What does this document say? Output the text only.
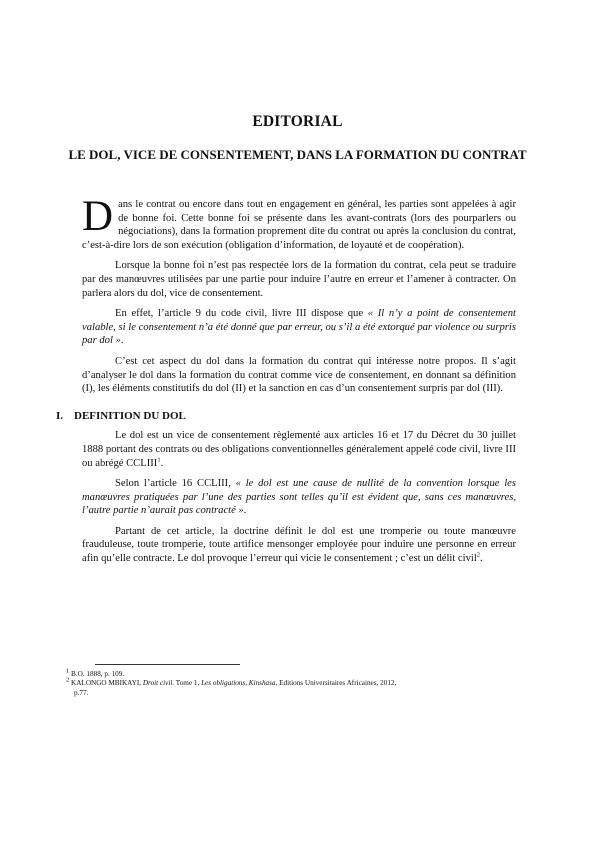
EDITORIAL
LE DOL, VICE DE CONSENTEMENT, DANS LA FORMATION DU CONTRAT

Dans le contrat ou encore dans tout en engagement en général, les parties sont appelées à agir de bonne foi. Cette bonne foi se présente dans les avant-contrats (lors des pourparlers ou négociations), dans la formation proprement dite du contrat ou après la conclusion du contrat, c’est-à-dire lors de son exécution (obligation d’information, de loyauté et de coopération).

Lorsque la bonne foi n’est pas respectée lors de la formation du contrat, cela peut se traduire par des manœuvres utilisées par une partie pour induire l’autre en erreur et l’amener à contracter. On parlera alors du dol, vice de consentement.

En effet, l’article 9 du code civil, livre III dispose que « Il n’y a point de consentement valable, si le consentement n’a été donné que par erreur, ou s’il a été extorqué par violence ou surpris par dol ».

C’est cet aspect du dol dans la formation du contrat qui intéresse notre propos. Il s’agit d’analyser le dol dans la formation du contrat comme vice de consentement, en donnant sa définition (I), les éléments constitutifs du dol (II) et la sanction en cas d’un consentement surpris par dol (III).

I. DEFINITION DU DOL

Le dol est un vice de consentement règlementé aux articles 16 et 17 du Décret du 30 juillet 1888 portant des contrats ou des obligations conventionnelles généralement appelé code civil, livre III ou abrégé CCLIII$^1$.

Selon l’article 16 CCLIII, « le dol est une cause de nullité de la convention lorsque les manœuvres pratiquées par l’une des parties sont telles qu’il est évident que, sans ces manœuvres, l’autre partie n’aurait pas contracté ».

Partant de cet article, la doctrine définit le dol est une tromperie ou toute manœuvre frauduleuse, toute tromperie, toute artifice mensonger employée pour induire une personne en erreur afin qu’elle contracte. Le dol provoque l’erreur qui vicie le consentement ; c’est un délit civil$^2$.

$^1$ B.O. 1888, p. 109.

$^2$ KALONGO MBIKAYI, Droit civil. Tome 1, Les obligations, Kinshasa, Editions Universitaires Africaines, 2012,

p.77.
